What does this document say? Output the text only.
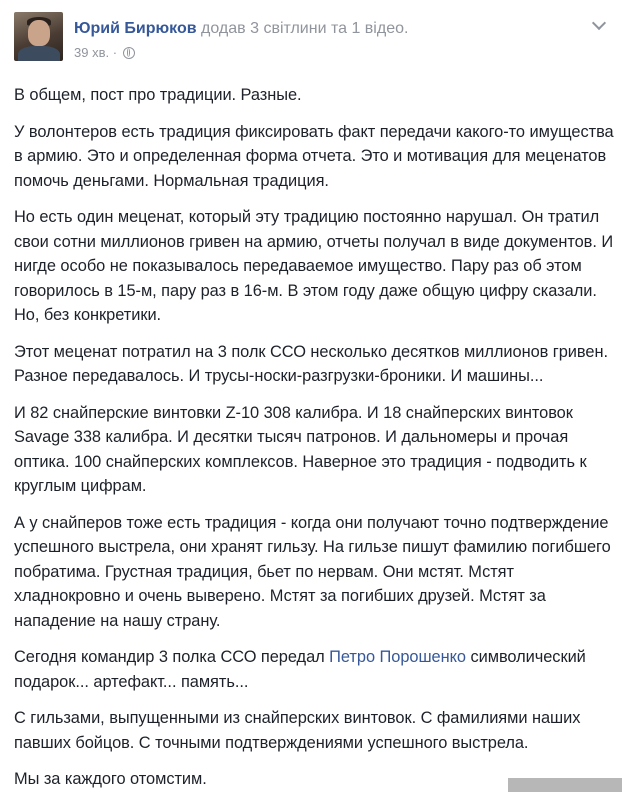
Юрий Бирюков додав 3 світлини та 1 відео.
39 хв. ·

В общем, пост про традиции. Разные.

У волонтеров есть традиция фиксировать факт передачи какого-то имущества в армию. Это и определенная форма отчета. Это и мотивация для меценатов помочь деньгами. Нормальная традиция.

Но есть один меценат, который эту традицию постоянно нарушал. Он тратил свои сотни миллионов гривен на армию, отчеты получал в виде документов. И нигде особо не показывалось передаваемое имущество. Пару раз об этом говорилось в 15-м, пару раз в 16-м. В этом году даже общую цифру сказали. Но, без конкретики.

Этот меценат потратил на 3 полк ССО несколько десятков миллионов гривен. Разное передавалось. И трусы-носки-разгрузки-броники. И машины...

И 82 снайперские винтовки Z-10 308 калибра. И 18 снайперских винтовок Savage 338 калибра. И десятки тысяч патронов. И дальномеры и прочая оптика. 100 снайперских комплексов. Наверное это традиция - подводить к круглым цифрам.

А у снайперов тоже есть традиция - когда они получают точно подтверждение успешного выстрела, они хранят гильзу. На гильзе пишут фамилию погибшего побратима. Грустная традиция, бьет по нервам. Они мстят. Мстят хладнокровно и очень выверено. Мстят за погибших друзей. Мстят за нападение на нашу страну.

Сегодня командир 3 полка ССО передал Петро Порошенко символический подарок... артефакт... память...

С гильзами, выпущенными из снайперских винтовок. С фамилиями наших павших бойцов. С точными подтверждениями успешного выстрела.

Мы за каждого отомстим.
